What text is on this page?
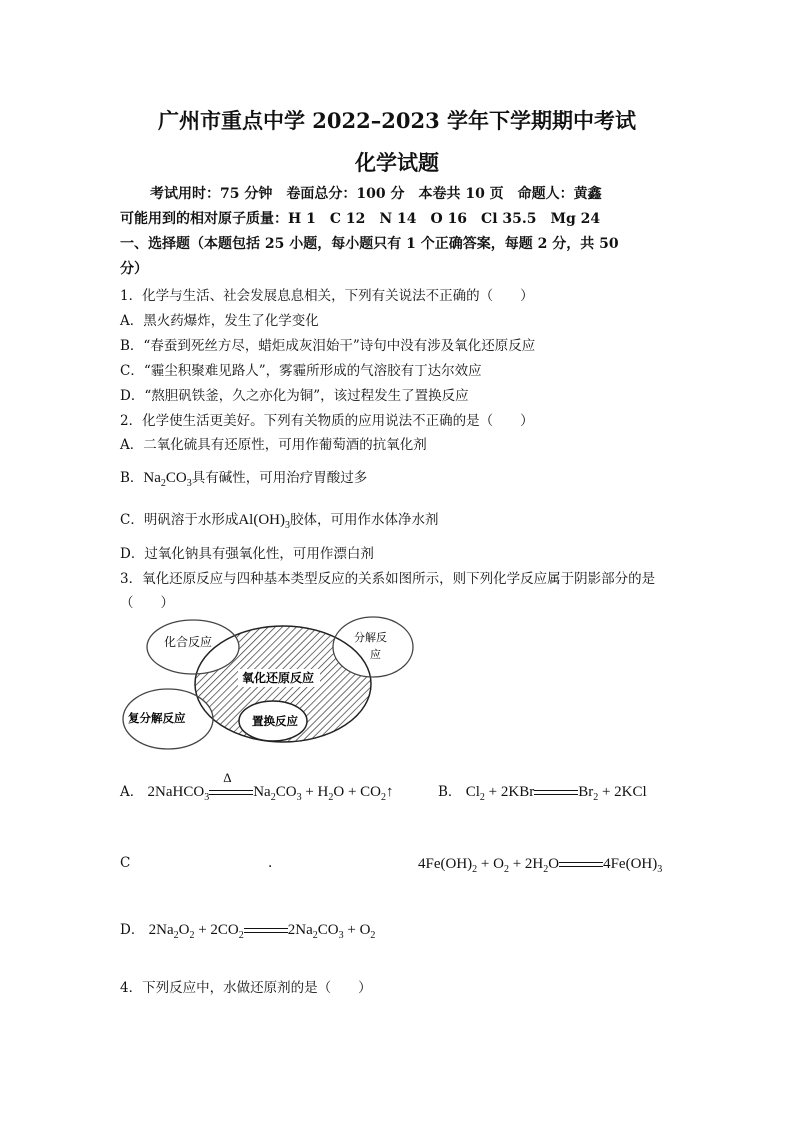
广州市重点中学 2022–2023 学年下学期期中考试
化学试题
考试用时：75 分钟　卷面总分：100 分　本卷共 10 页　命题人：黄鑫
可能用到的相对原子质量：H 1　C 12　N 14　O 16　Cl 35.5　Mg 24
一、选择题（本题包括 25 小题，每小题只有 1 个正确答案，每题 2 分，共 50
分）
1．化学与生活、社会发展息息相关，下列有关说法不正确的（　　）
A．黑火药爆炸，发生了化学变化
B．“春蚕到死丝方尽，蜡炬成灰泪始干”诗句中没有涉及氧化还原反应
C．“霾尘积聚难见路人”，雾霾所形成的气溶胶有丁达尔效应
D．“熬胆矾铁釜，久之亦化为铜”，该过程发生了置换反应
2．化学使生活更美好。下列有关物质的应用说法不正确的是（　　）
A．二氧化硫具有还原性，可用作葡萄酒的抗氧化剂
B．$Na_2CO_3$具有碱性，可用治疗胃酸过多
C．明矾溶于水形成$Al(OH)_3$胶体，可用作水体净水剂
D．过氧化钠具有强氧化性，可用作漂白剂
3．氧化还原反应与四种基本类型反应的关系如图所示，则下列化学反应属于阴影部分的是
（　　）
化合反应	分解反
应
氧化还原反应
复分解反应	置换反应
A． 2NaHCO$_3$
Δ
$Na_2CO_3 + H_2O$ + $CO_2↑$	B． $Cl_2 + 2KBr$	$Br_2 + 2KCl$
C	.	$4Fe(OH)_2 + O_2 + 2H_2O$	$4Fe(OH)_3$
D． $2Na_2O_2 + 2CO_2$	$2Na_2CO_3 + O_2$
4．下列反应中，水做还原剂的是（　　）
